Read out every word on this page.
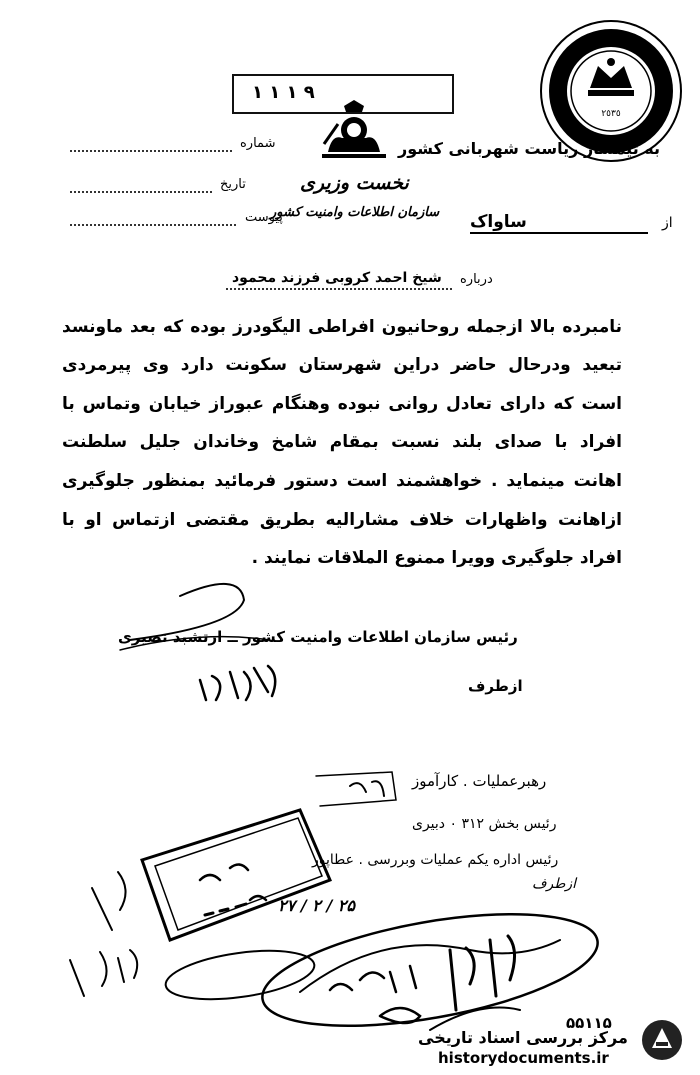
٢٥٣٥
۱ ۱ ۱ ۹
شماره
تاریخ
پیوست
به تیمسار ریاست شهربانی کشور
نخست وزیری
سازمان اطلاعات وامنیت کشور
از
ساواک
درباره
شیخ احمد کروبی فرزند محمود
نامبرده بالا ازجمله روحانیون افراطی الیگودرز بوده که بعد ماونسد
تبعید ودرحال حاضر دراین شهرستان سکونت دارد وی پیرمردی
است که دارای تعادل روانی نبوده وهنگام عبوراز خیابان وتماس با
افراد با صدای بلند نسبت بمقام شامخ وخاندان جلیل سلطنت
اهانت مینماید . خواهشمند است دستور فرمائید بمنظور جلوگیری
ازاهانت واظهارات خلاف مشارالیه بطریق مقتضی ازتماس او با
افراد جلوگیری وویرا ممنوع الملاقات نمایند .
رئیس سازمان اطلاعات وامنیت کشور ــ ارتشبد نصیری
ازطرف
رهبرعملیات . کارآموز
رئیس بخش ۳۱۲ ۰ دبیری
رئیس اداره یکم عملیات وبررسی . عطاپور
ازطرف
۲۷ / ۲ / ۲۵
۵۵۱۱۵
مرکز بررسی اسناد تاریخی
historydocuments.ir
